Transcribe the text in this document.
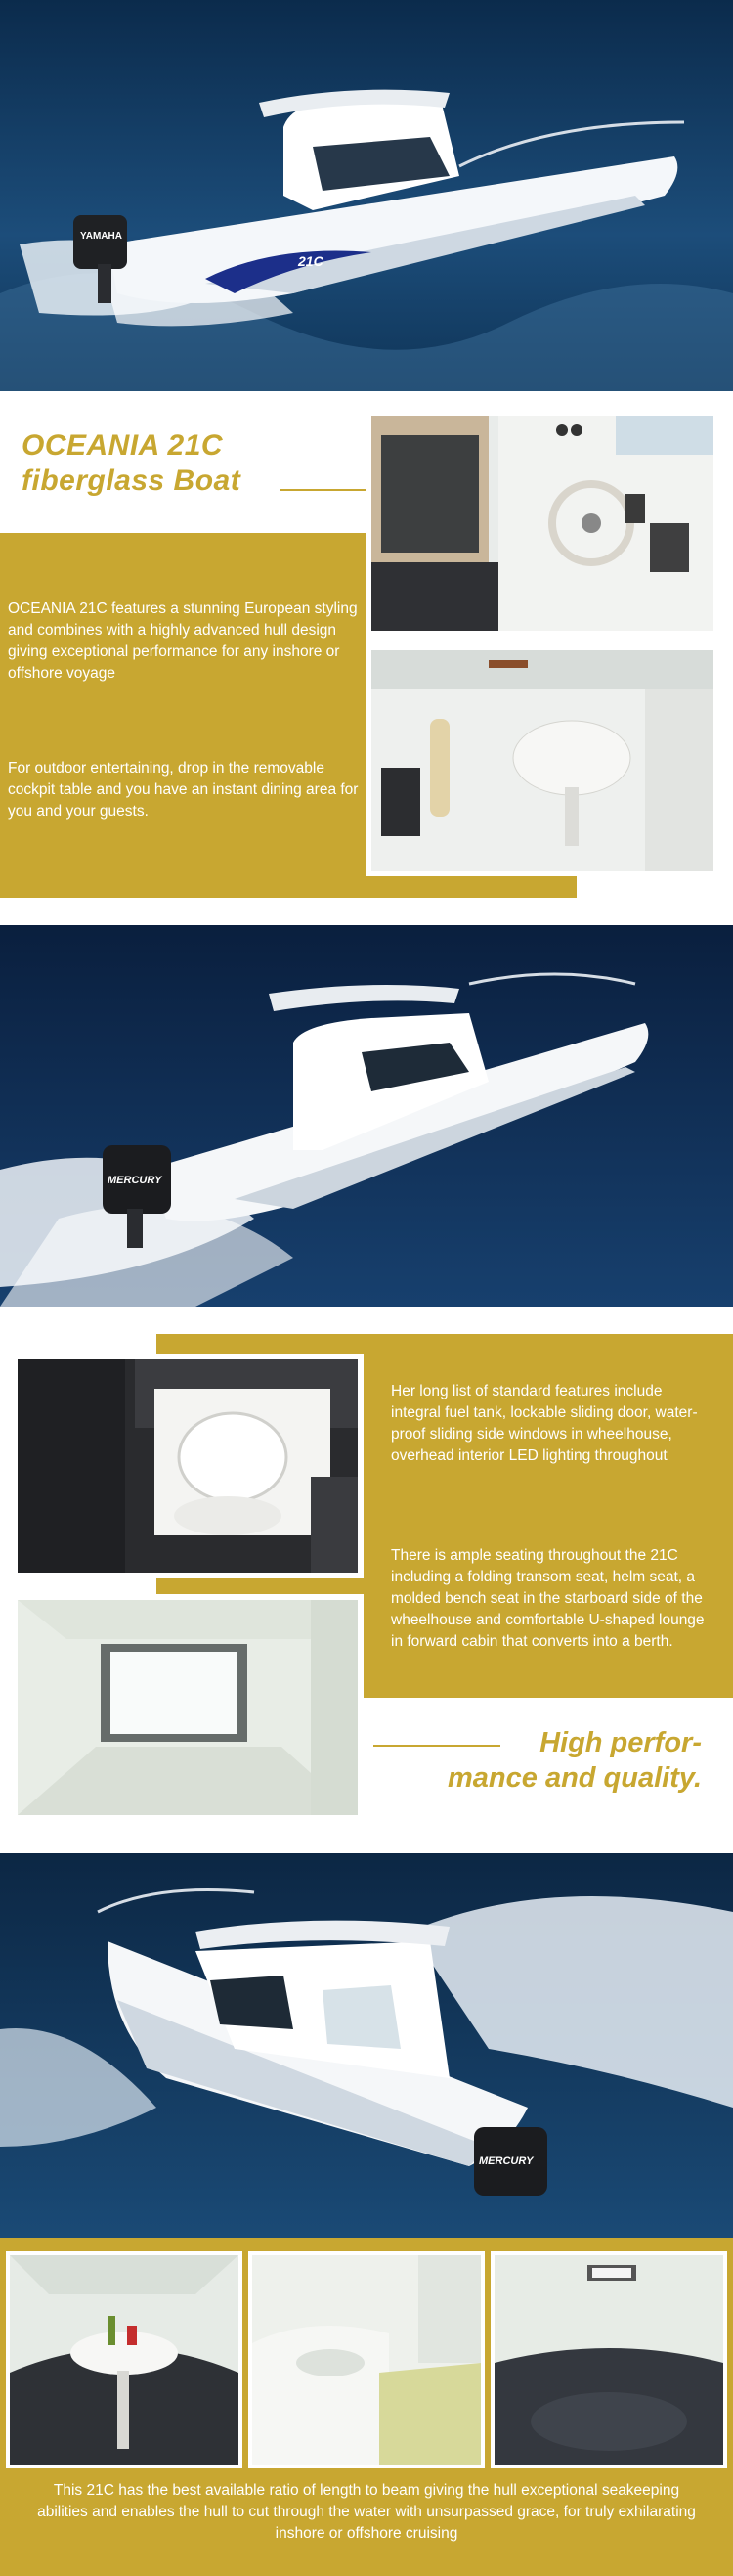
21C
YAMAHA
OCEANIA 21C
fiberglass Boat
OCEANIA 21C features a stunning European styling and combines with a highly advanced hull design giving exceptional performance for any inshore or offshore voyage
For outdoor entertaining, drop in the removable cockpit table and you have an instant dining area for you and your guests.
MERCURY
Her long list of standard features include integral fuel tank, lockable sliding door, water-proof sliding side windows in wheelhouse, overhead interior LED lighting throughout
There is ample seating throughout the 21C including a folding transom seat, helm seat, a molded bench seat in the starboard side of the wheelhouse and comfortable U-shaped lounge in forward cabin that converts into a berth.
High perfor-
mance and quality.
MERCURY
This 21C has the best available ratio of length to beam giving the hull exceptional seakeeping abilities and enables the hull to cut through the water with unsurpassed grace, for truly exhilarating inshore or offshore cruising
